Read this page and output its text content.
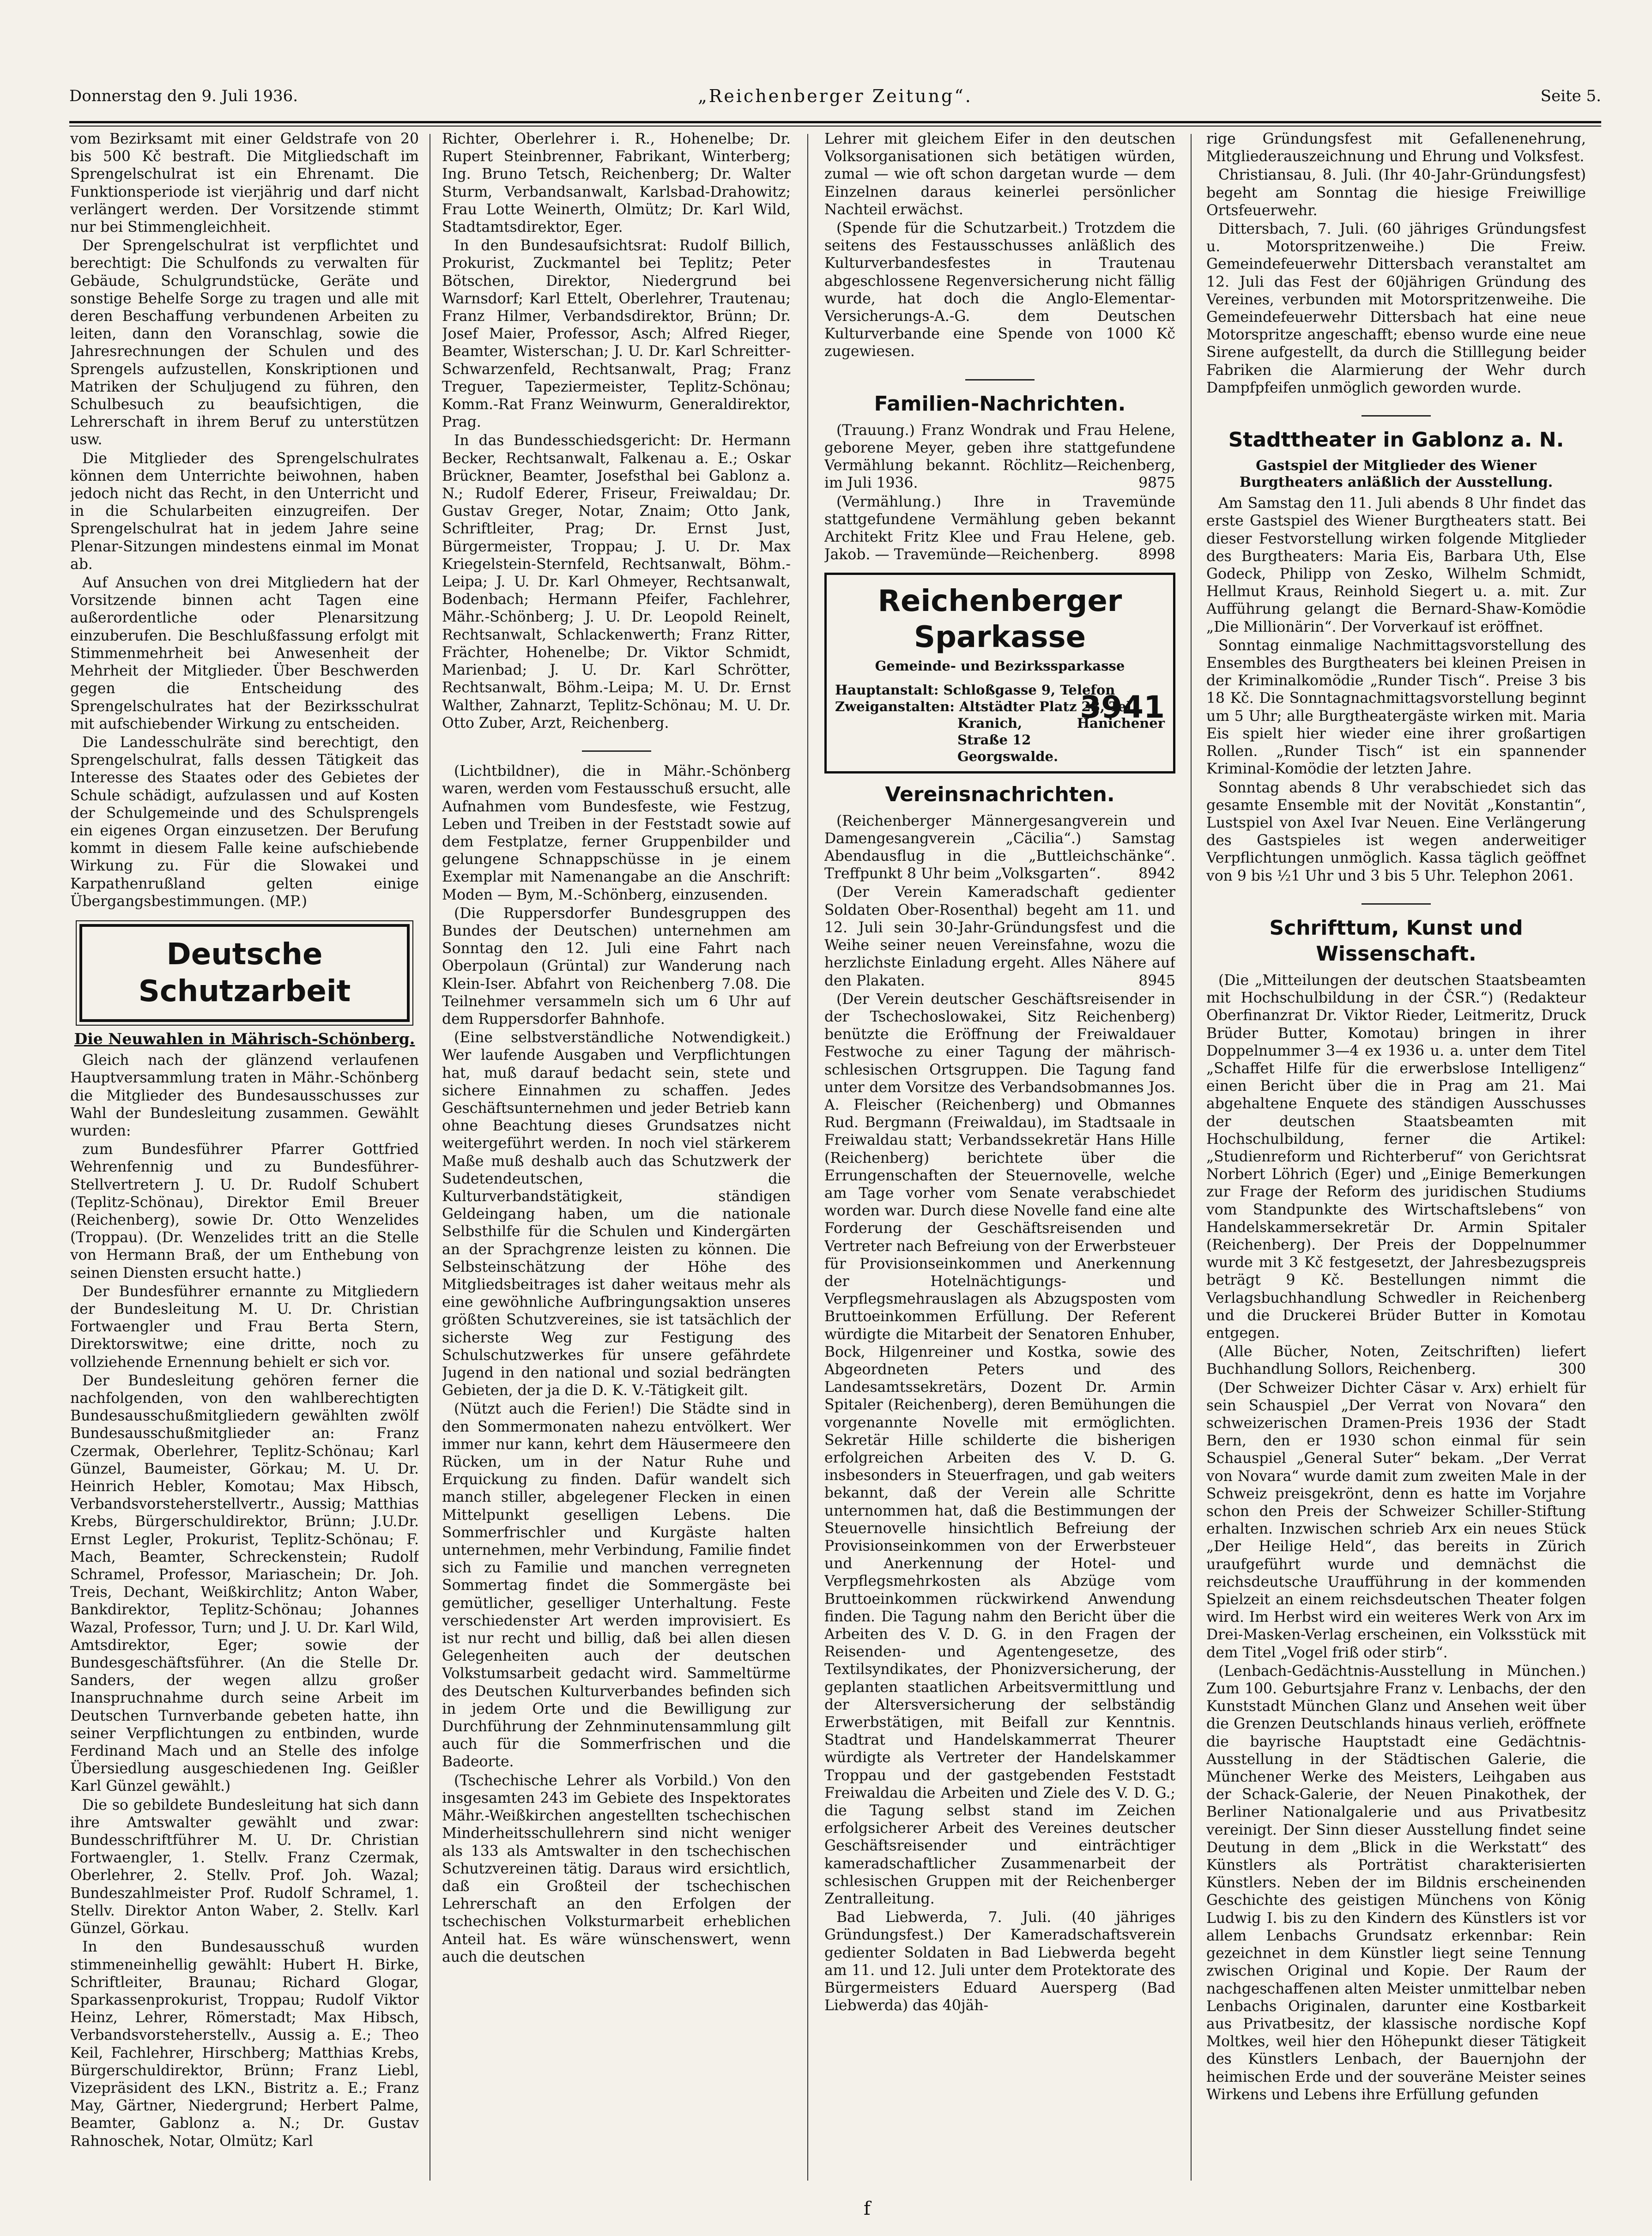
Donnerstag den 9. Juli 1936.	„Reichenberger Zeitung“.	Seite 5.

vom Bezirksamt mit einer Geldstrafe von 20 bis 500 Kč bestraft. Die Mitgliedschaft im Sprengelschulrat ist ein Ehrenamt. Die Funktionsperiode ist vierjährig und darf nicht verlängert werden. Der Vorsitzende stimmt nur bei Stimmengleichheit.

Der Sprengelschulrat ist verpflichtet und berechtigt: Die Schulfonds zu verwalten für Gebäude, Schulgrundstücke, Geräte und sonstige Behelfe Sorge zu tragen und alle mit deren Beschaffung verbundenen Arbeiten zu leiten, dann den Voranschlag, sowie die Jahresrechnungen der Schulen und des Sprengels aufzustellen, Konskriptionen und Matriken der Schuljugend zu führen, den Schulbesuch zu beaufsichtigen, die Lehrerschaft in ihrem Beruf zu unterstützen usw.

Die Mitglieder des Sprengelschulrates können dem Unterrichte beiwohnen, haben jedoch nicht das Recht, in den Unterricht und in die Schularbeiten einzugreifen. Der Sprengelschulrat hat in jedem Jahre seine Plenar-Sitzungen mindestens einmal im Monat ab.

Auf Ansuchen von drei Mitgliedern hat der Vorsitzende binnen acht Tagen eine außerordentliche oder Plenarsitzung einzuberufen. Die Beschlußfassung erfolgt mit Stimmenmehrheit bei Anwesenheit der Mehrheit der Mitglieder. Über Beschwerden gegen die Entscheidung des Sprengelschulrates hat der Bezirksschulrat mit aufschiebender Wirkung zu entscheiden.

Die Landesschulräte sind berechtigt, den Sprengelschulrat, falls dessen Tätigkeit das Interesse des Staates oder des Gebietes der Schule schädigt, aufzulassen und auf Kosten der Schulgemeinde und des Schulsprengels ein eigenes Organ einzusetzen. Der Berufung kommt in diesem Falle keine aufschiebende Wirkung zu. Für die Slowakei und Karpathenrußland gelten einige Übergangsbestimmungen. (MP.)

Deutsche Schutzarbeit
Die Neuwahlen in Mährisch-Schönberg.

Gleich nach der glänzend verlaufenen Hauptversammlung traten in Mähr.-Schönberg die Mitglieder des Bundesausschusses zur Wahl der Bundesleitung zusammen. Gewählt wurden:

zum Bundesführer Pfarrer Gottfried Wehrenfennig und zu Bundesführer-Stellvertretern J. U. Dr. Rudolf Schubert (Teplitz-Schönau), Direktor Emil Breuer (Reichenberg), sowie Dr. Otto Wenzelides (Troppau). (Dr. Wenzelides tritt an die Stelle von Hermann Braß, der um Enthebung von seinen Diensten ersucht hatte.)

Der Bundesführer ernannte zu Mitgliedern der Bundesleitung M. U. Dr. Christian Fortwaengler und Frau Berta Stern, Direktorswitwe; eine dritte, noch zu vollziehende Ernennung behielt er sich vor.

Der Bundesleitung gehören ferner die nachfolgenden, von den wahlberechtigten Bundesausschußmitgliedern gewählten zwölf Bundesausschußmitglieder an: Franz Czermak, Oberlehrer, Teplitz-Schönau; Karl Günzel, Baumeister, Görkau; M. U. Dr. Heinrich Hebler, Komotau; Max Hibsch, Verbandsvorsteherstellvertr., Aussig; Matthias Krebs, Bürgerschuldirektor, Brünn; J.U.Dr. Ernst Legler, Prokurist, Teplitz-Schönau; F. Mach, Beamter, Schreckenstein; Rudolf Schramel, Professor, Mariaschein; Dr. Joh. Treis, Dechant, Weißkirchlitz; Anton Waber, Bankdirektor, Teplitz-Schönau; Johannes Wazal, Professor, Turn; und J. U. Dr. Karl Wild, Amtsdirektor, Eger; sowie der Bundesgeschäftsführer. (An die Stelle Dr. Sanders, der wegen allzu großer Inanspruchnahme durch seine Arbeit im Deutschen Turnverbande gebeten hatte, ihn seiner Verpflichtungen zu entbinden, wurde Ferdinand Mach und an Stelle des infolge Übersiedlung ausgeschiedenen Ing. Geißler Karl Günzel gewählt.)

Die so gebildete Bundesleitung hat sich dann ihre Amtswalter gewählt und zwar: Bundesschriftführer M. U. Dr. Christian Fortwaengler, 1. Stellv. Franz Czermak, Oberlehrer, 2. Stellv. Prof. Joh. Wazal; Bundeszahlmeister Prof. Rudolf Schramel, 1. Stellv. Direktor Anton Waber, 2. Stellv. Karl Günzel, Görkau.

In den Bundesausschuß wurden stimmeneinhellig gewählt: Hubert H. Birke, Schriftleiter, Braunau; Richard Glogar, Sparkassenprokurist, Troppau; Rudolf Viktor Heinz, Lehrer, Römerstadt; Max Hibsch, Verbandsvorsteherstellv., Aussig a. E.; Theo Keil, Fachlehrer, Hirschberg; Matthias Krebs, Bürgerschuldirektor, Brünn; Franz Liebl, Vizepräsident des LKN., Bistritz a. E.; Franz May, Gärtner, Niedergrund; Herbert Palme, Beamter, Gablonz a. N.; Dr. Gustav Rahnoschek, Notar, Olmütz; Karl

Richter, Oberlehrer i. R., Hohenelbe; Dr. Rupert Steinbrenner, Fabrikant, Winterberg; Ing. Bruno Tetsch, Reichenberg; Dr. Walter Sturm, Verbandsanwalt, Karlsbad-Drahowitz; Frau Lotte Weinerth, Olmütz; Dr. Karl Wild, Stadtamtsdirektor, Eger.

In den Bundesaufsichtsrat: Rudolf Billich, Prokurist, Zuckmantel bei Teplitz; Peter Bötschen, Direktor, Niedergrund bei Warnsdorf; Karl Ettelt, Oberlehrer, Trautenau; Franz Hilmer, Verbandsdirektor, Brünn; Dr. Josef Maier, Professor, Asch; Alfred Rieger, Beamter, Wisterschan; J. U. Dr. Karl Schreitter-Schwarzenfeld, Rechtsanwalt, Prag; Franz Treguer, Tapeziermeister, Teplitz-Schönau; Komm.-Rat Franz Weinwurm, Generaldirektor, Prag.

In das Bundesschiedsgericht: Dr. Hermann Becker, Rechtsanwalt, Falkenau a. E.; Oskar Brückner, Beamter, Josefsthal bei Gablonz a. N.; Rudolf Ederer, Friseur, Freiwaldau; Dr. Gustav Greger, Notar, Znaim; Otto Jank, Schriftleiter, Prag; Dr. Ernst Just, Bürgermeister, Troppau; J. U. Dr. Max Kriegelstein-Sternfeld, Rechtsanwalt, Böhm.-Leipa; J. U. Dr. Karl Ohmeyer, Rechtsanwalt, Bodenbach; Hermann Pfeifer, Fachlehrer, Mähr.-Schönberg; J. U. Dr. Leopold Reinelt, Rechtsanwalt, Schlackenwerth; Franz Ritter, Frächter, Hohenelbe; Dr. Viktor Schmidt, Marienbad; J. U. Dr. Karl Schrötter, Rechtsanwalt, Böhm.-Leipa; M. U. Dr. Ernst Walther, Zahnarzt, Teplitz-Schönau; M. U. Dr. Otto Zuber, Arzt, Reichenberg.

(Lichtbildner), die in Mähr.-Schönberg waren, werden vom Festausschuß ersucht, alle Aufnahmen vom Bundesfeste, wie Festzug, Leben und Treiben in der Feststadt sowie auf dem Festplatze, ferner Gruppenbilder und gelungene Schnappschüsse in je einem Exemplar mit Namenangabe an die Anschrift: Moden — Bym, M.-Schönberg, einzusenden.

(Die Ruppersdorfer Bundesgruppen des Bundes der Deutschen) unternehmen am Sonntag den 12. Juli eine Fahrt nach Oberpolaun (Grüntal) zur Wanderung nach Klein-Iser. Abfahrt von Reichenberg 7.08. Die Teilnehmer versammeln sich um 6 Uhr auf dem Ruppersdorfer Bahnhofe.

(Eine selbstverständliche Notwendigkeit.) Wer laufende Ausgaben und Verpflichtungen hat, muß darauf bedacht sein, stete und sichere Einnahmen zu schaffen. Jedes Geschäftsunternehmen und jeder Betrieb kann ohne Beachtung dieses Grundsatzes nicht weitergeführt werden. In noch viel stärkerem Maße muß deshalb auch das Schutzwerk der Sudetendeutschen, die Kulturverbandstätigkeit, ständigen Geldeingang haben, um die nationale Selbsthilfe für die Schulen und Kindergärten an der Sprachgrenze leisten zu können. Die Selbsteinschätzung der Höhe des Mitgliedsbeitrages ist daher weitaus mehr als eine gewöhnliche Aufbringungsaktion unseres größten Schutzvereines, sie ist tatsächlich der sicherste Weg zur Festigung des Schulschutzwerkes für unsere gefährdete Jugend in den national und sozial bedrängten Gebieten, der ja die D. K. V.-Tätigkeit gilt.

(Nützt auch die Ferien!) Die Städte sind in den Sommermonaten nahezu entvölkert. Wer immer nur kann, kehrt dem Häusermeere den Rücken, um in der Natur Ruhe und Erquickung zu finden. Dafür wandelt sich manch stiller, abgelegener Flecken in einen Mittelpunkt geselligen Lebens. Die Sommerfrischler und Kurgäste halten unternehmen, mehr Verbindung, Familie findet sich zu Familie und manchen verregneten Sommertag findet die Sommergäste bei gemütlicher, geselliger Unterhaltung. Feste verschiedenster Art werden improvisiert. Es ist nur recht und billig, daß bei allen diesen Gelegenheiten auch der deutschen Volkstumsarbeit gedacht wird. Sammeltürme des Deutschen Kulturverbandes befinden sich in jedem Orte und die Bewilligung zur Durchführung der Zehnminutensammlung gilt auch für die Sommerfrischen und die Badeorte.

(Tschechische Lehrer als Vorbild.) Von den insgesamten 243 im Gebiete des Inspektorates Mähr.-Weißkirchen angestellten tschechischen Minderheitsschullehrern sind nicht weniger als 133 als Amtswalter in den tschechischen Schutzvereinen tätig. Daraus wird ersichtlich, daß ein Großteil der tschechischen Lehrerschaft an den Erfolgen der tschechischen Volksturmarbeit erheblichen Anteil hat. Es wäre wünschenswert, wenn auch die deutschen

Lehrer mit gleichem Eifer in den deutschen Volksorganisationen sich betätigen würden, zumal — wie oft schon dargetan wurde — dem Einzelnen daraus keinerlei persönlicher Nachteil erwächst.

(Spende für die Schutzarbeit.) Trotzdem die seitens des Festausschusses anläßlich des Kulturverbandesfestes in Trautenau abgeschlossene Regenversicherung nicht fällig wurde, hat doch die Anglo-Elementar-Versicherungs-A.-G. dem Deutschen Kulturverbande eine Spende von 1000 Kč zugewiesen.

Familien-Nachrichten.

(Trauung.) Franz Wondrak und Frau Helene, geborene Meyer, geben ihre stattgefundene Vermählung bekannt. Röchlitz—Reichenberg, im Juli 1936.	9875

(Vermählung.) Ihre in Travemünde stattgefundene Vermählung geben bekannt Architekt Fritz Klee und Frau Helene, geb. Jakob. — Travemünde—Reichenberg.	8998

Reichenberger Sparkasse
Gemeinde- und Bezirkssparkasse
Hauptanstalt: Schloßgasse 9, Telefon
Zweiganstalten: Altstädter Platz 23, Tel.
3941
Kranich, Hanichener Straße 12
Georgswalde.
Vereinsnachrichten.

(Reichenberger Männergesangverein und Damengesangverein „Cäcilia“.) Samstag Abendausflug in die „Buttleichschänke“. Treffpunkt 8 Uhr beim „Volksgarten“.	8942

(Der Verein Kameradschaft gedienter Soldaten Ober-Rosenthal) begeht am 11. und 12. Juli sein 30-Jahr-Gründungsfest und die Weihe seiner neuen Vereinsfahne, wozu die herzlichste Einladung ergeht. Alles Nähere auf den Plakaten.	8945

(Der Verein deutscher Geschäftsreisender in der Tschechoslowakei, Sitz Reichenberg) benützte die Eröffnung der Freiwaldauer Festwoche zu einer Tagung der mährisch-schlesischen Ortsgruppen. Die Tagung fand unter dem Vorsitze des Verbandsobmannes Jos. A. Fleischer (Reichenberg) und Obmannes Rud. Bergmann (Freiwaldau), im Stadtsaale in Freiwaldau statt; Verbandssekretär Hans Hille (Reichenberg) berichtete über die Errungenschaften der Steuernovelle, welche am Tage vorher vom Senate verabschiedet worden war. Durch diese Novelle fand eine alte Forderung der Geschäftsreisenden und Vertreter nach Befreiung von der Erwerbsteuer für Provisionseinkommen und Anerkennung der Hotelnächtigungs- und Verpflegsmehrauslagen als Abzugsposten vom Bruttoeinkommen Erfüllung. Der Referent würdigte die Mitarbeit der Senatoren Enhuber, Bock, Hilgenreiner und Kostka, sowie des Abgeordneten Peters und des Landesamtssekretärs, Dozent Dr. Armin Spitaler (Reichenberg), deren Bemühungen die vorgenannte Novelle mit ermöglichten. Sekretär Hille schilderte die bisherigen erfolgreichen Arbeiten des V. D. G. insbesonders in Steuerfragen, und gab weiters bekannt, daß der Verein alle Schritte unternommen hat, daß die Bestimmungen der Steuernovelle hinsichtlich Befreiung der Provisionseinkommen von der Erwerbsteuer und Anerkennung der Hotel- und Verpflegsmehrkosten als Abzüge vom Bruttoeinkommen rückwirkend Anwendung finden. Die Tagung nahm den Bericht über die Arbeiten des V. D. G. in den Fragen der Reisenden- und Agentengesetze, des Textilsyndikates, der Phonizversicherung, der geplanten staatlichen Arbeitsvermittlung und der Altersversicherung der selbständig Erwerbstätigen, mit Beifall zur Kenntnis. Stadtrat und Handelskammerrat Theurer würdigte als Vertreter der Handelskammer Troppau und der gastgebenden Feststadt Freiwaldau die Arbeiten und Ziele des V. D. G.; die Tagung selbst stand im Zeichen erfolgsicherer Arbeit des Vereines deutscher Geschäftsreisender und einträchtiger kameradschaftlicher Zusammenarbeit der schlesischen Gruppen mit der Reichenberger Zentralleitung.

Bad Liebwerda, 7. Juli. (40 jähriges Gründungsfest.) Der Kameradschaftsverein gedienter Soldaten in Bad Liebwerda begeht am 11. und 12. Juli unter dem Protektorate des Bürgermeisters Eduard Auersperg (Bad Liebwerda) das 40jäh-

rige Gründungsfest mit Gefallenenehrung, Mitgliederauszeichnung und Ehrung und Volksfest.

Christiansau, 8. Juli. (Ihr 40-Jahr-Gründungsfest) begeht am Sonntag die hiesige Freiwillige Ortsfeuerwehr.

Dittersbach, 7. Juli. (60 jähriges Gründungsfest u. Motorspritzenweihe.) Die Freiw. Gemeindefeuerwehr Dittersbach veranstaltet am 12. Juli das Fest der 60jährigen Gründung des Vereines, verbunden mit Motorspritzenweihe. Die Gemeindefeuerwehr Dittersbach hat eine neue Motorspritze angeschafft; ebenso wurde eine neue Sirene aufgestellt, da durch die Stilllegung beider Fabriken die Alarmierung der Wehr durch Dampfpfeifen unmöglich geworden wurde.

Stadttheater in Gablonz a. N.
Gastspiel der Mitglieder des Wiener Burgtheaters anläßlich der Ausstellung.

Am Samstag den 11. Juli abends 8 Uhr findet das erste Gastspiel des Wiener Burgtheaters statt. Bei dieser Festvorstellung wirken folgende Mitglieder des Burgtheaters: Maria Eis, Barbara Uth, Else Godeck, Philipp von Zesko, Wilhelm Schmidt, Hellmut Kraus, Reinhold Siegert u. a. mit. Zur Aufführung gelangt die Bernard-Shaw-Komödie „Die Millionärin“. Der Vorverkauf ist eröffnet.

Sonntag einmalige Nachmittagsvorstellung des Ensembles des Burgtheaters bei kleinen Preisen in der Kriminalkomödie „Runder Tisch“. Preise 3 bis 18 Kč. Die Sonntagnachmittagsvorstellung beginnt um 5 Uhr; alle Burgtheatergäste wirken mit. Maria Eis spielt hier wieder eine ihrer großartigen Rollen. „Runder Tisch“ ist ein spannender Kriminal-Komödie der letzten Jahre.

Sonntag abends 8 Uhr verabschiedet sich das gesamte Ensemble mit der Novität „Konstantin“, Lustspiel von Axel Ivar Neuen. Eine Verlängerung des Gastspieles ist wegen anderweitiger Verpflichtungen unmöglich. Kassa täglich geöffnet von 9 bis ½1 Uhr und 3 bis 5 Uhr. Telephon 2061.

Schrifttum, Kunst und Wissenschaft.

(Die „Mitteilungen der deutschen Staatsbeamten mit Hochschulbildung in der ČSR.“) (Redakteur Oberfinanzrat Dr. Viktor Rieder, Leitmeritz, Druck Brüder Butter, Komotau) bringen in ihrer Doppelnummer 3—4 ex 1936 u. a. unter dem Titel „Schaffet Hilfe für die erwerbslose Intelligenz“ einen Bericht über die in Prag am 21. Mai abgehaltene Enquete des ständigen Ausschusses der deutschen Staatsbeamten mit Hochschulbildung, ferner die Artikel: „Studienreform und Richterberuf“ von Gerichtsrat Norbert Löhrich (Eger) und „Einige Bemerkungen zur Frage der Reform des juridischen Studiums vom Standpunkte des Wirtschaftslebens“ von Handelskammersekretär Dr. Armin Spitaler (Reichenberg). Der Preis der Doppelnummer wurde mit 3 Kč festgesetzt, der Jahresbezugspreis beträgt 9 Kč. Bestellungen nimmt die Verlagsbuchhandlung Schwedler in Reichenberg und die Druckerei Brüder Butter in Komotau entgegen.

(Alle Bücher, Noten, Zeitschriften) liefert Buchhandlung Sollors, Reichenberg.	300

(Der Schweizer Dichter Cäsar v. Arx) erhielt für sein Schauspiel „Der Verrat von Novara“ den schweizerischen Dramen-Preis 1936 der Stadt Bern, den er 1930 schon einmal für sein Schauspiel „General Suter“ bekam. „Der Verrat von Novara“ wurde damit zum zweiten Male in der Schweiz preisgekrönt, denn es hatte im Vorjahre schon den Preis der Schweizer Schiller-Stiftung erhalten. Inzwischen schrieb Arx ein neues Stück „Der Heilige Held“, das bereits in Zürich uraufgeführt wurde und demnächst die reichsdeutsche Uraufführung in der kommenden Spielzeit an einem reichsdeutschen Theater folgen wird. Im Herbst wird ein weiteres Werk von Arx im Drei-Masken-Verlag erscheinen, ein Volksstück mit dem Titel „Vogel friß oder stirb“.

(Lenbach-Gedächtnis-Ausstellung in München.) Zum 100. Geburtsjahre Franz v. Lenbachs, der den Kunststadt München Glanz und Ansehen weit über die Grenzen Deutschlands hinaus verlieh, eröffnete die bayrische Hauptstadt eine Gedächtnis-Ausstellung in der Städtischen Galerie, die Münchener Werke des Meisters, Leihgaben aus der Schack-Galerie, der Neuen Pinakothek, der Berliner Nationalgalerie und aus Privatbesitz vereinigt. Der Sinn dieser Ausstellung findet seine Deutung in dem „Blick in die Werkstatt“ des Künstlers als Porträtist charakterisierten Künstlers. Neben der im Bildnis erscheinenden Geschichte des geistigen Münchens von König Ludwig I. bis zu den Kindern des Künstlers ist vor allem Lenbachs Grundsatz erkennbar: Rein gezeichnet in dem Künstler liegt seine Tennung zwischen Original und Kopie. Der Raum der nachgeschaffenen alten Meister unmittelbar neben Lenbachs Originalen, darunter eine Kostbarkeit aus Privatbesitz, der klassische nordische Kopf Moltkes, weil hier den Höhepunkt dieser Tätigkeit des Künstlers Lenbach, der Bauernjohn der heimischen Erde und der souveräne Meister seines Wirkens und Lebens ihre Erfüllung gefunden

f
